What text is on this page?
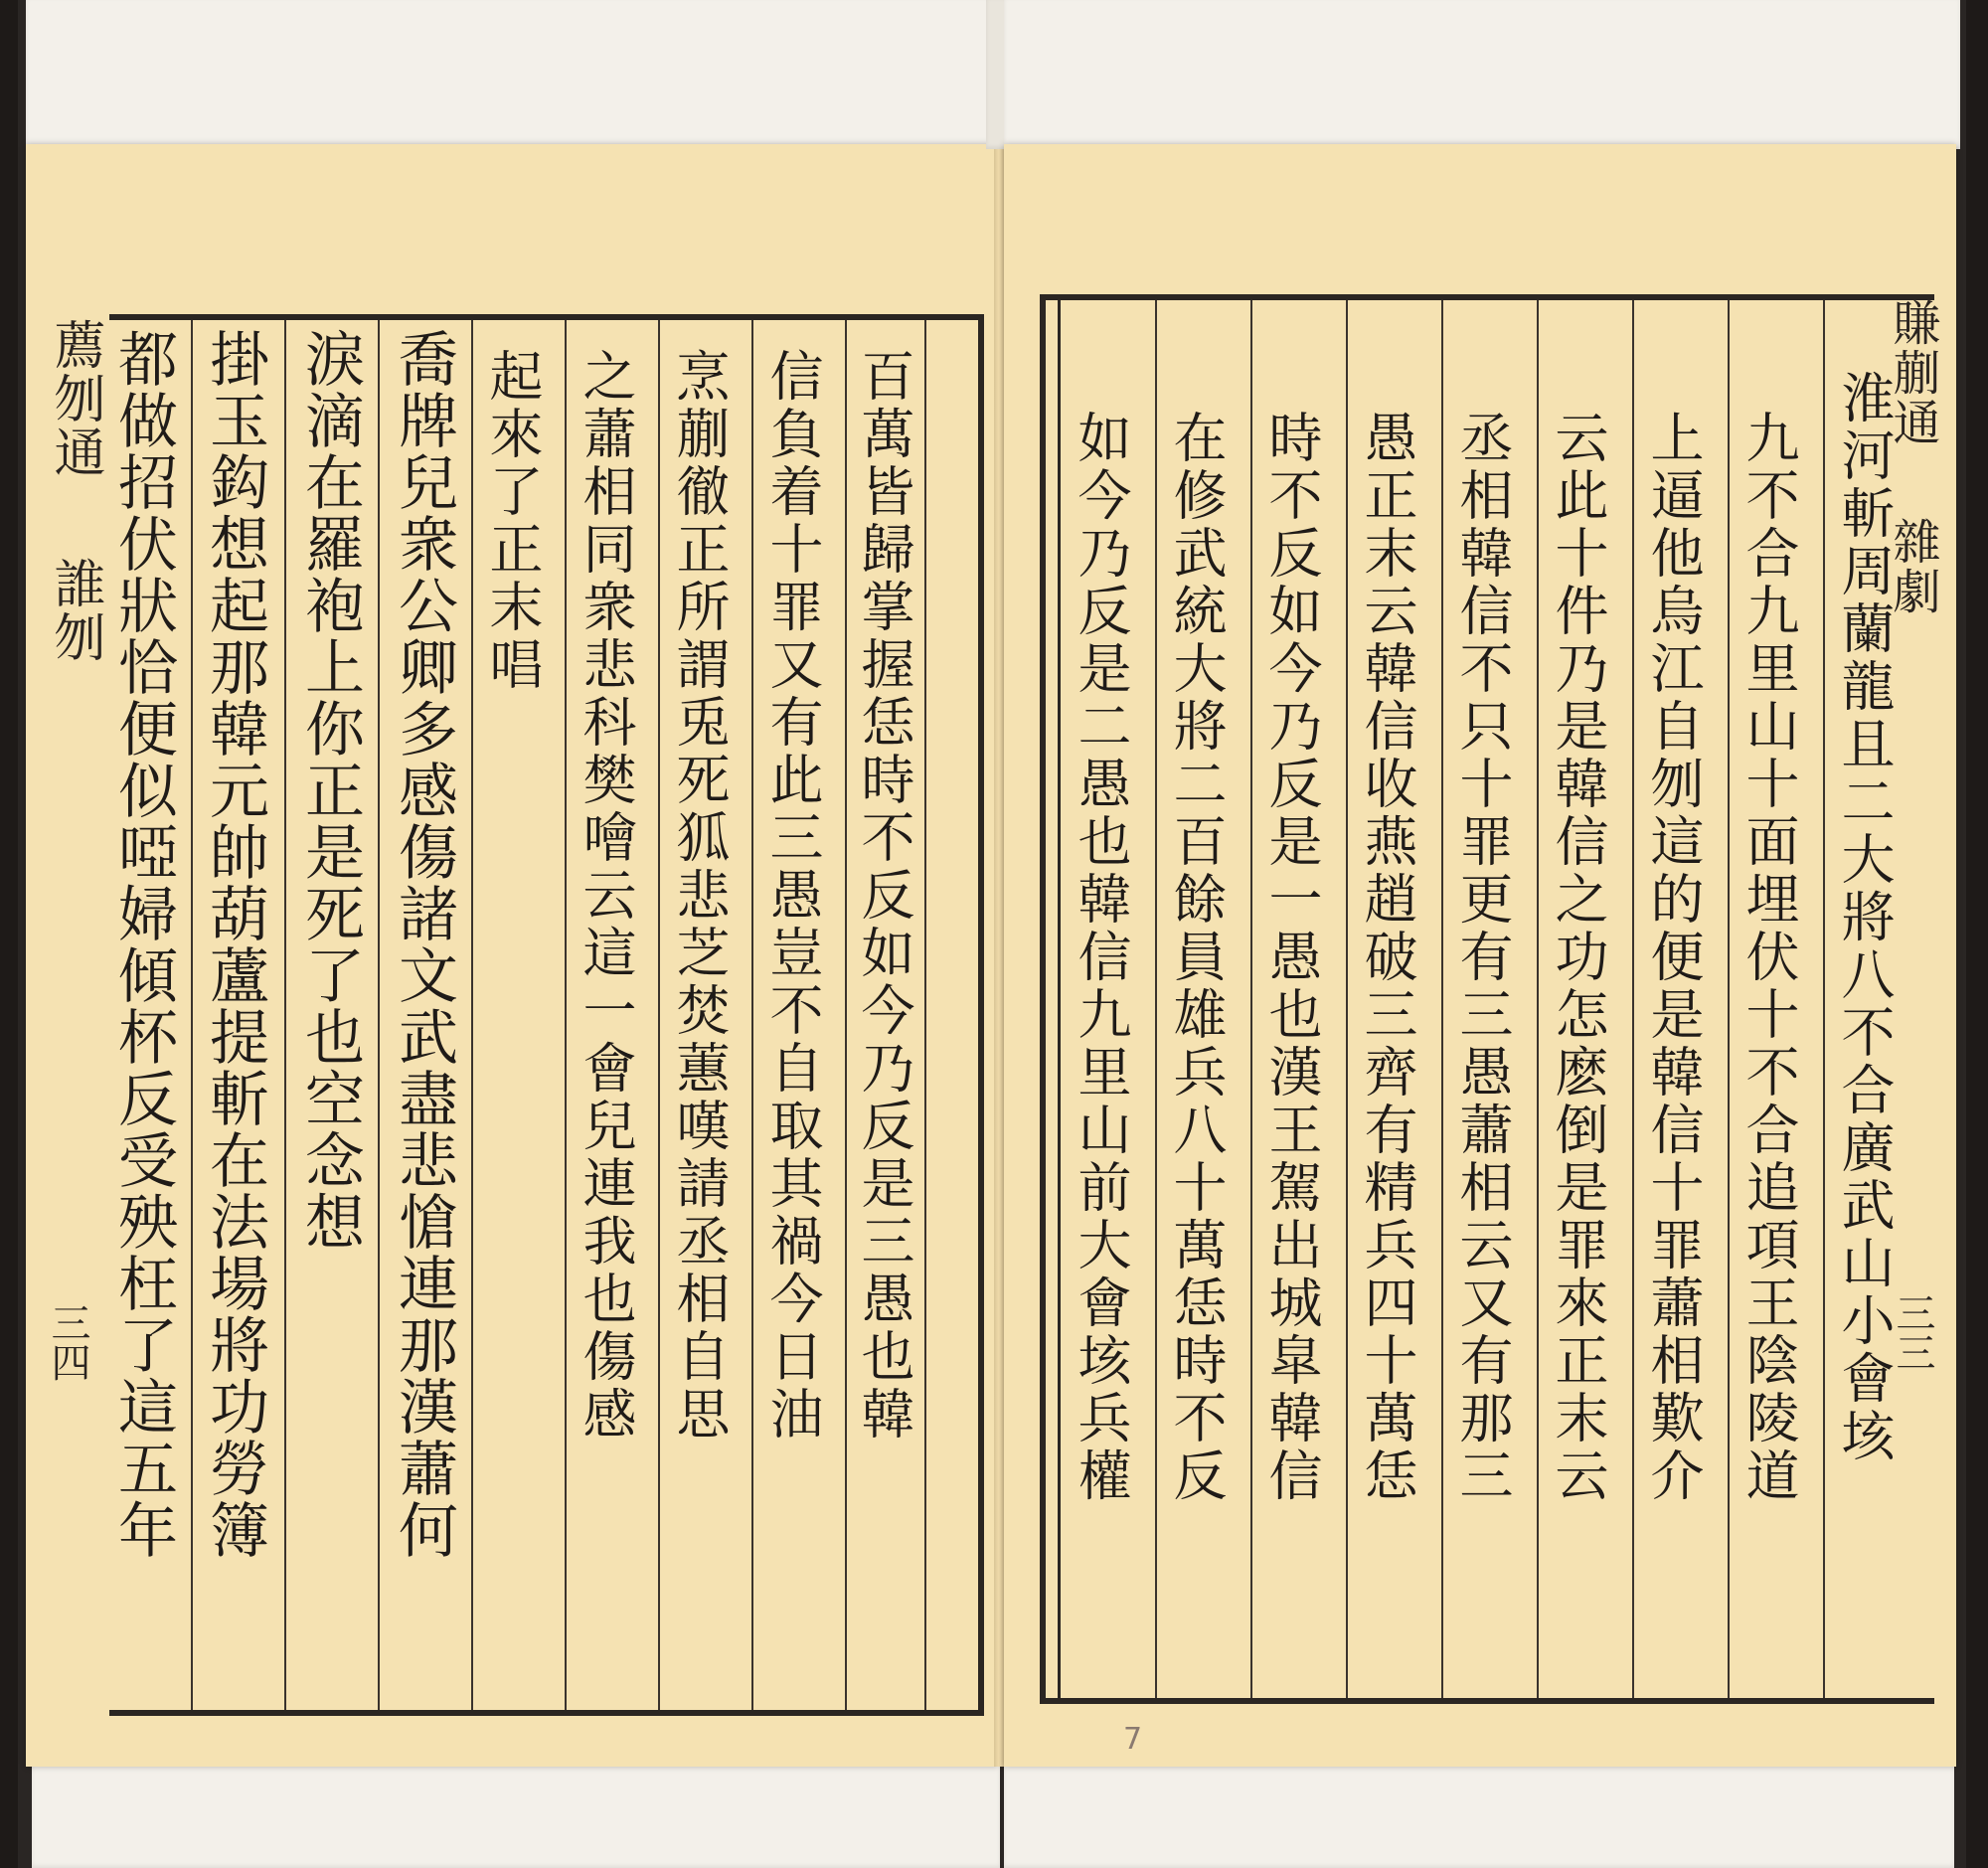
薦刎通
誰刎
三四	百萬皆歸掌握恁時不反如今乃反是三愚也韓
信負着十罪又有此三愚豈不自取其禍今日油
烹蒯徹正所謂兎死狐悲芝焚蕙嘆請丞相自思
之蕭相同衆悲科樊噲云這一會兒連我也傷感
起來了正末唱
喬牌兒衆公卿多感傷諸文武盡悲愴連那漢蕭何
淚滴在羅袍上你正是死了也空念想
掛玉鈎想起那韓元帥葫蘆提斬在法場將功勞簿
都做招伏狀恰便似啞婦傾杯反受殃枉了這五年	淮河斬周蘭龍且二大將八不合廣武山小會垓
九不合九里山十面埋伏十不合追項王陰陵道
上逼他烏江自刎這的便是韓信十罪蕭相歎介
云此十件乃是韓信之功怎麽倒是罪來正末云
丞相韓信不只十罪更有三愚蕭相云又有那三
愚正末云韓信收燕趙破三齊有精兵四十萬恁
時不反如今乃反是一愚也漢王駕出城皐韓信
在修武統大將二百餘員雄兵八十萬恁時不反
如今乃反是二愚也韓信九里山前大會垓兵權
賺蒯通
雜劇
三三
7
